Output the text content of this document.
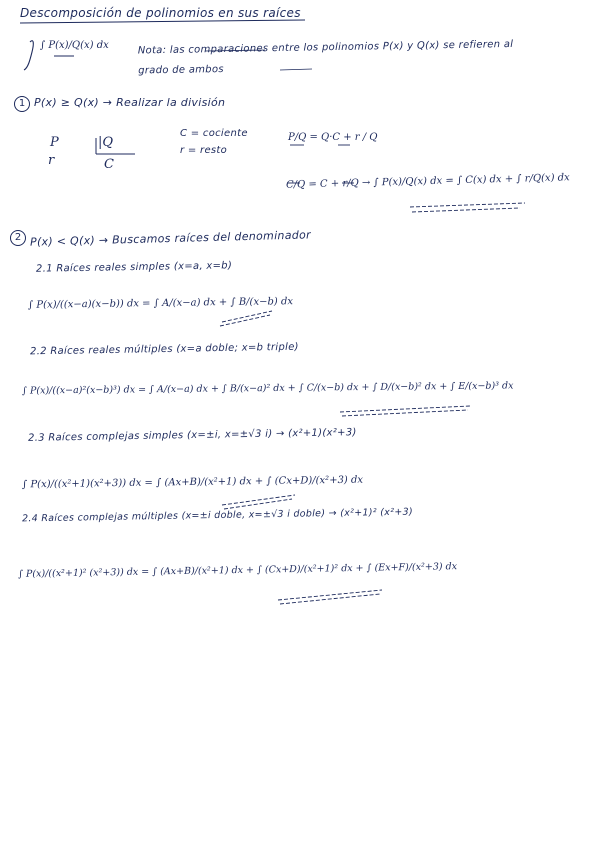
Descomposición de polinomios en sus raíces
∫ P(x)/Q(x) dx	Nota: las comparaciones entre los polinomios P(x) y Q(x) se refieren al grado de ambos
1 P(x) ≥ Q(x) → Realizar la división
P
r
|Q
C
C = cociente
r = resto
P/Q = Q·C + r / Q
C/Q = C + r/Q → ∫ P(x)/Q(x) dx = ∫ C(x) dx + ∫ r/Q(x) dx
2 P(x) < Q(x) → Buscamos raíces del denominador
2.1 Raíces reales simples (x=a, x=b)
∫ P(x)/((x−a)(x−b)) dx = ∫ A/(x−a) dx + ∫ B/(x−b) dx
2.2 Raíces reales múltiples (x=a doble; x=b triple)
∫ P(x)/((x−a)²(x−b)³) dx = ∫ A/(x−a) dx + ∫ B/(x−a)² dx + ∫ C/(x−b) dx + ∫ D/(x−b)² dx + ∫ E/(x−b)³ dx
2.3 Raíces complejas simples (x=±i, x=±√3 i) → (x²+1)(x²+3)
∫ P(x)/((x²+1)(x²+3)) dx = ∫ (Ax+B)/(x²+1) dx + ∫ (Cx+D)/(x²+3) dx
2.4 Raíces complejas múltiples (x=±i doble, x=±√3 i doble) → (x²+1)² (x²+3)
∫ P(x)/((x²+1)² (x²+3)) dx = ∫ (Ax+B)/(x²+1) dx + ∫ (Cx+D)/(x²+1)² dx + ∫ (Ex+F)/(x²+3) dx
